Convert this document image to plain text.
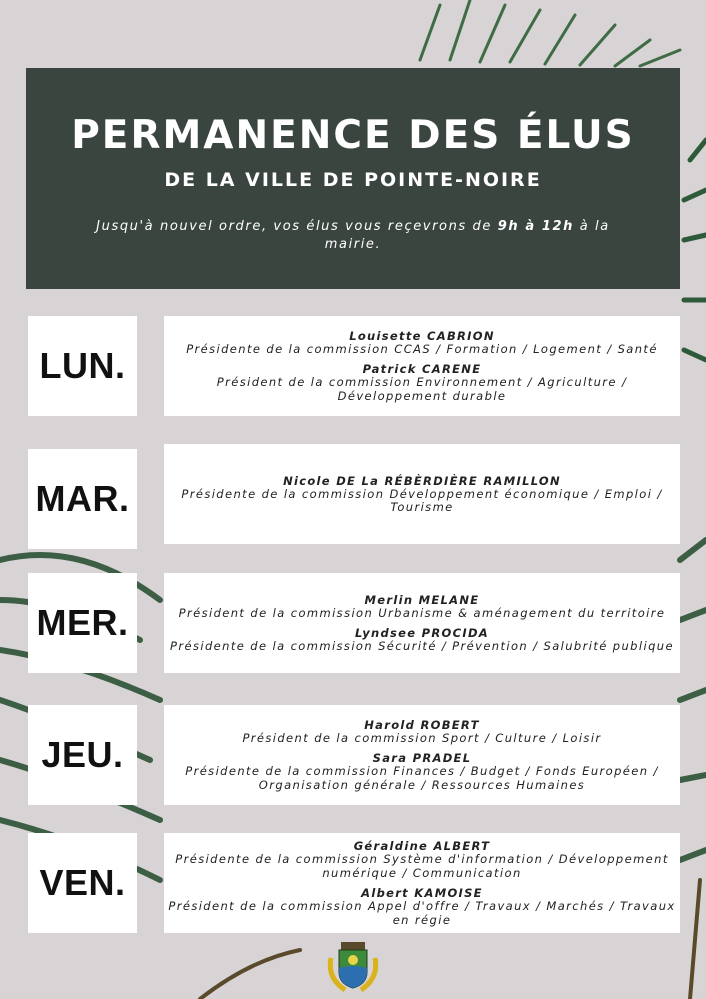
PERMANENCE DES ÉLUS
DE LA VILLE DE POINTE-NOIRE
Jusqu'à nouvel ordre, vos élus vous reçevrons de 9h à 12h à la mairie.
LUN.
Louisette CABRION
Présidente de la commission CCAS / Formation / Logement / Santé
Patrick CARENE
Président de la commission Environnement / Agriculture / Développement durable
MAR.	Nicole DE La RÉBÈRDIÈRE RAMILLON
Présidente de la commission Développement économique / Emploi / Tourisme
MER.
Merlin MELANE
Président de la commission Urbanisme & aménagement du territoire
Lyndsee PROCIDA
Présidente de la commission Sécurité / Prévention / Salubrité publique
JEU.
Harold ROBERT
Président de la commission Sport / Culture / Loisir
Sara PRADEL
Présidente de la commission Finances / Budget / Fonds Européen / Organisation générale / Ressources Humaines
VEN.
Géraldine ALBERT
Présidente de la commission Système d'information / Développement numérique / Communication
Albert KAMOISE
Président de la commission Appel d'offre / Travaux / Marchés / Travaux en régie
